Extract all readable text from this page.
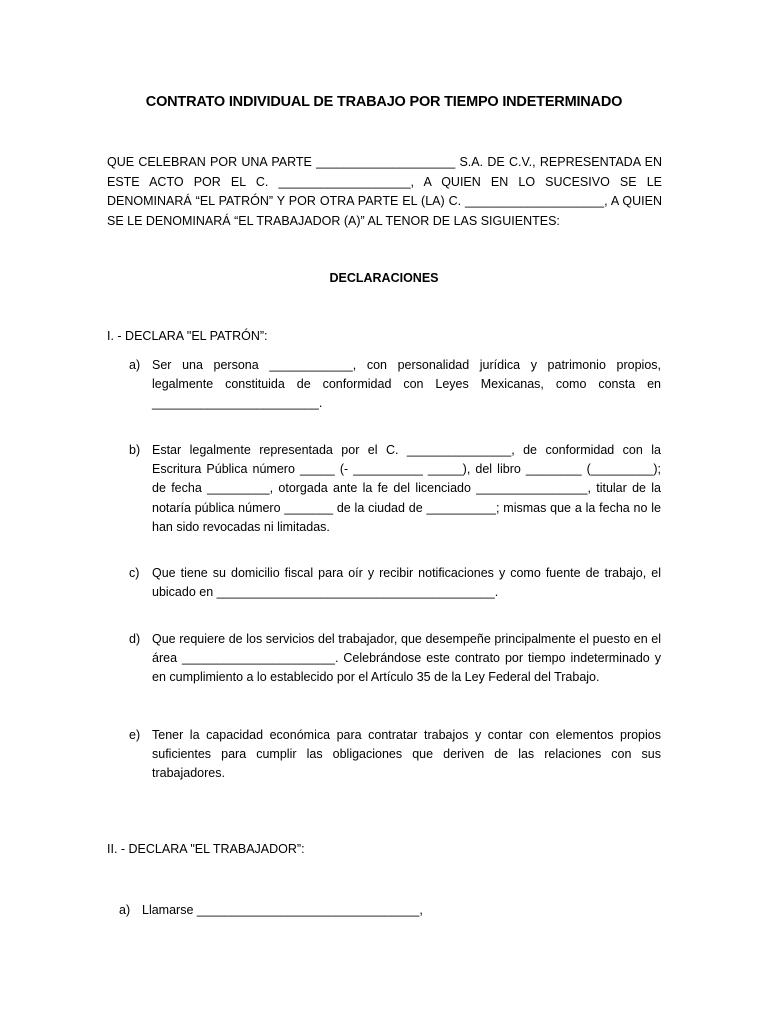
CONTRATO INDIVIDUAL DE TRABAJO POR TIEMPO INDETERMINADO
QUE CELEBRAN POR UNA PARTE ____________________ S.A. DE C.V., REPRESENTADA EN ESTE ACTO POR EL C. ___________________, A QUIEN EN LO SUCESIVO SE LE DENOMINARÁ “EL PATRÓN” Y POR OTRA PARTE EL (LA) C. ____________________, A QUIEN SE LE DENOMINARÁ “EL TRABAJADOR (A)” AL TENOR DE LAS SIGUIENTES:
DECLARACIONES
I. - DECLARA "EL PATRÓN”:
a) Ser una persona ____________, con personalidad jurídica y patrimonio propios, legalmente constituida de conformidad con Leyes Mexicanas, como consta en ________________________.
b) Estar legalmente representada por el C. _______________, de conformidad con la Escritura Pública número _____ (- __________ _____), del libro ________ (_________); de fecha _________, otorgada ante la fe del licenciado ________________, titular de la notaría pública número _______ de la ciudad de __________; mismas que a la fecha no le han sido revocadas ni limitadas.
c)	Que tiene su domicilio fiscal para oír y recibir notificaciones y como fuente de trabajo, el ubicado en ________________________________________.
d) Que requiere de los servicios del trabajador, que desempeñe principalmente el puesto en el área ______________________. Celebrándose este contrato por tiempo indeterminado y en cumplimiento a lo establecido por el Artículo 35 de la Ley Federal del Trabajo.
e) Tener la capacidad económica para contratar trabajos y contar con elementos propios suficientes para cumplir las obligaciones que deriven de las relaciones con sus trabajadores.
II. - DECLARA "EL TRABAJADOR”:
a) Llamarse ________________________________,
